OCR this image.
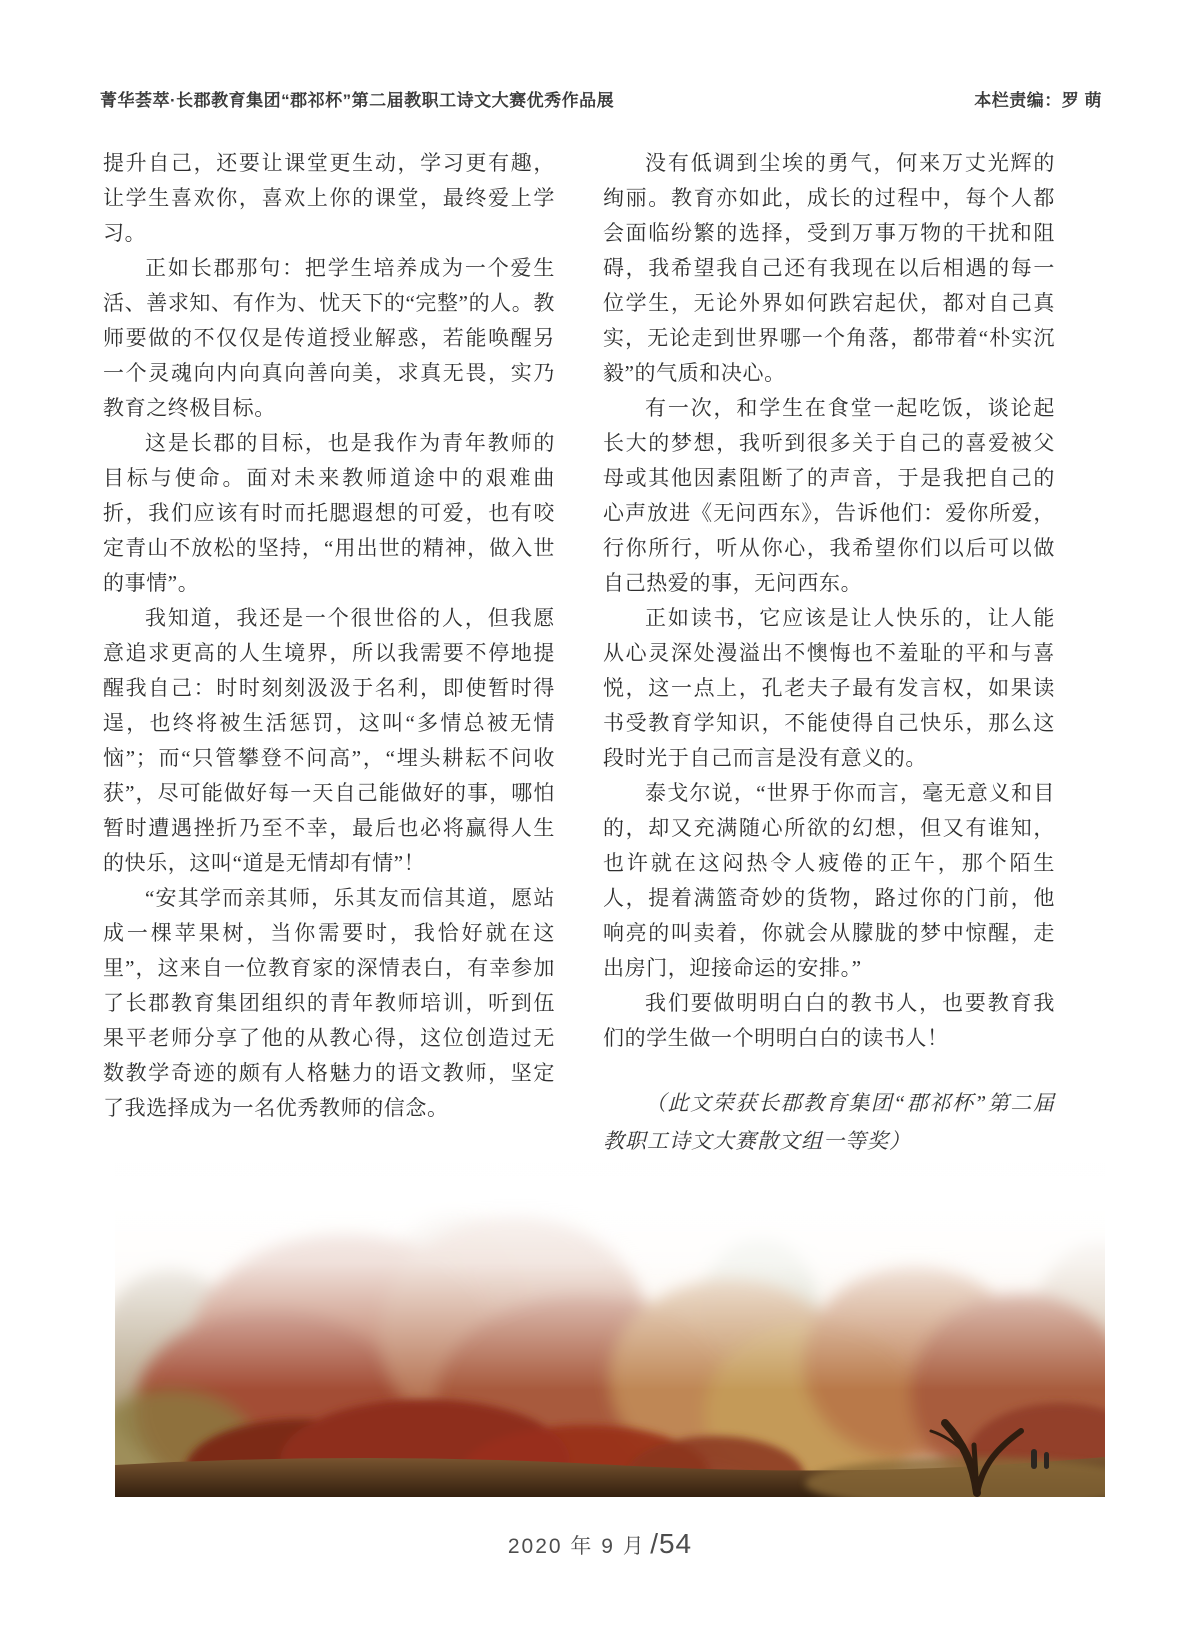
菁华荟萃·长郡教育集团“郡祁杯”第二届教职工诗文大赛优秀作品展	本栏责编：罗 萌

提升自己，还要让课堂更生动，学习更有趣，让学生喜欢你，喜欢上你的课堂，最终爱上学习。

正如长郡那句：把学生培养成为一个爱生活、善求知、有作为、忧天下的“完整”的人。教师要做的不仅仅是传道授业解惑，若能唤醒另一个灵魂向内向真向善向美，求真无畏，实乃教育之终极目标。

这是长郡的目标，也是我作为青年教师的目标与使命。面对未来教师道途中的艰难曲折，我们应该有时而托腮遐想的可爱，也有咬定青山不放松的坚持，“用出世的精神，做入世的事情”。

我知道，我还是一个很世俗的人，但我愿意追求更高的人生境界，所以我需要不停地提醒我自己：时时刻刻汲汲于名利，即使暂时得逞，也终将被生活惩罚，这叫“多情总被无情恼”；而“只管攀登不问高”，“埋头耕耘不问收获”，尽可能做好每一天自己能做好的事，哪怕暂时遭遇挫折乃至不幸，最后也必将赢得人生的快乐，这叫“道是无情却有情”！

“安其学而亲其师，乐其友而信其道，愿站成一棵苹果树，当你需要时，我恰好就在这里”，这来自一位教育家的深情表白，有幸参加了长郡教育集团组织的青年教师培训，听到伍果平老师分享了他的从教心得，这位创造过无数教学奇迹的颇有人格魅力的语文教师，坚定了我选择成为一名优秀教师的信念。

没有低调到尘埃的勇气，何来万丈光辉的绚丽。教育亦如此，成长的过程中，每个人都会面临纷繁的选择，受到万事万物的干扰和阻碍，我希望我自己还有我现在以后相遇的每一位学生，无论外界如何跌宕起伏，都对自己真实，无论走到世界哪一个角落，都带着“朴实沉毅”的气质和决心。

有一次，和学生在食堂一起吃饭，谈论起长大的梦想，我听到很多关于自己的喜爱被父母或其他因素阻断了的声音，于是我把自己的心声放进《无问西东》，告诉他们：爱你所爱，行你所行，听从你心，我希望你们以后可以做自己热爱的事，无问西东。

正如读书，它应该是让人快乐的，让人能从心灵深处漫溢出不懊悔也不羞耻的平和与喜悦，这一点上，孔老夫子最有发言权，如果读书受教育学知识，不能使得自己快乐，那么这段时光于自己而言是没有意义的。

泰戈尔说，“世界于你而言，毫无意义和目的，却又充满随心所欲的幻想，但又有谁知，也许就在这闷热令人疲倦的正午，那个陌生人，提着满篮奇妙的货物，路过你的门前，他响亮的叫卖着，你就会从朦胧的梦中惊醒，走出房门，迎接命运的安排。”

我们要做明明白白的教书人，也要教育我们的学生做一个明明白白的读书人！

（此文荣获长郡教育集团“郡祁杯”第二届教职工诗文大赛散文组一等奖）

2020 年 9 月 /54
